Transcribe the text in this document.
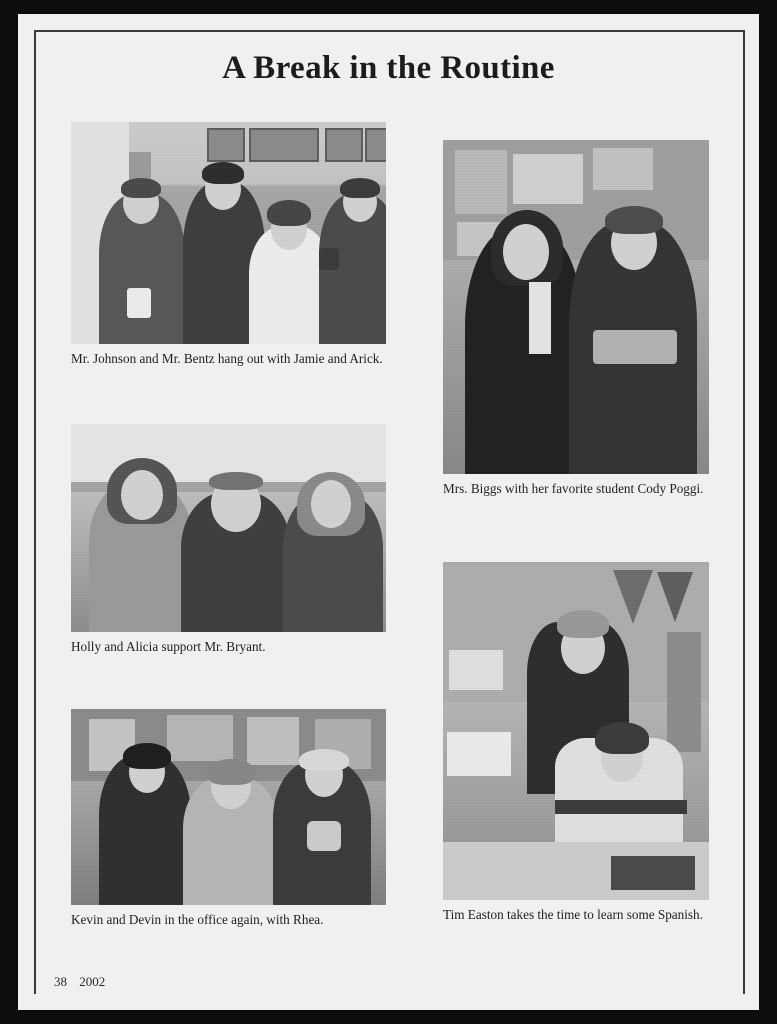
A Break in the Routine
Mr. Johnson and Mr. Bentz hang out with Jamie and Arick.
Holly and Alicia support Mr. Bryant.
Kevin and Devin in the office again, with Rhea.
Mrs. Biggs with her favorite student Cody Poggi.
Tim Easton takes the time to learn some Spanish.
38 2002
